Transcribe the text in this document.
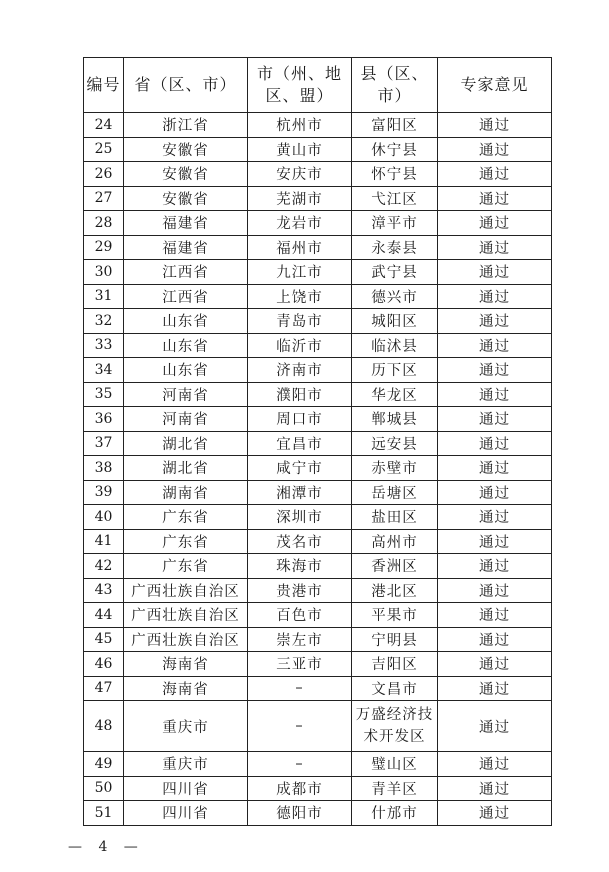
编号	省（区、市）	市（州、地区、盟）	县（区、市）	专家意见
24	浙江省	杭州市	富阳区	通过
25	安徽省	黄山市	休宁县	通过
26	安徽省	安庆市	怀宁县	通过
27	安徽省	芜湖市	弋江区	通过
28	福建省	龙岩市	漳平市	通过
29	福建省	福州市	永泰县	通过
30	江西省	九江市	武宁县	通过
31	江西省	上饶市	德兴市	通过
32	山东省	青岛市	城阳区	通过
33	山东省	临沂市	临沭县	通过
34	山东省	济南市	历下区	通过
35	河南省	濮阳市	华龙区	通过
36	河南省	周口市	郸城县	通过
37	湖北省	宜昌市	远安县	通过
38	湖北省	咸宁市	赤壁市	通过
39	湖南省	湘潭市	岳塘区	通过
40	广东省	深圳市	盐田区	通过
41	广东省	茂名市	高州市	通过
42	广东省	珠海市	香洲区	通过
43	广西壮族自治区	贵港市	港北区	通过
44	广西壮族自治区	百色市	平果市	通过
45	广西壮族自治区	崇左市	宁明县	通过
46	海南省	三亚市	吉阳区	通过
47	海南省	–	文昌市	通过
48	重庆市	–	万盛经济技术开发区	通过
49	重庆市	–	璧山区	通过
50	四川省	成都市	青羊区	通过
51	四川省	德阳市	什邡市	通过
— 4 —
